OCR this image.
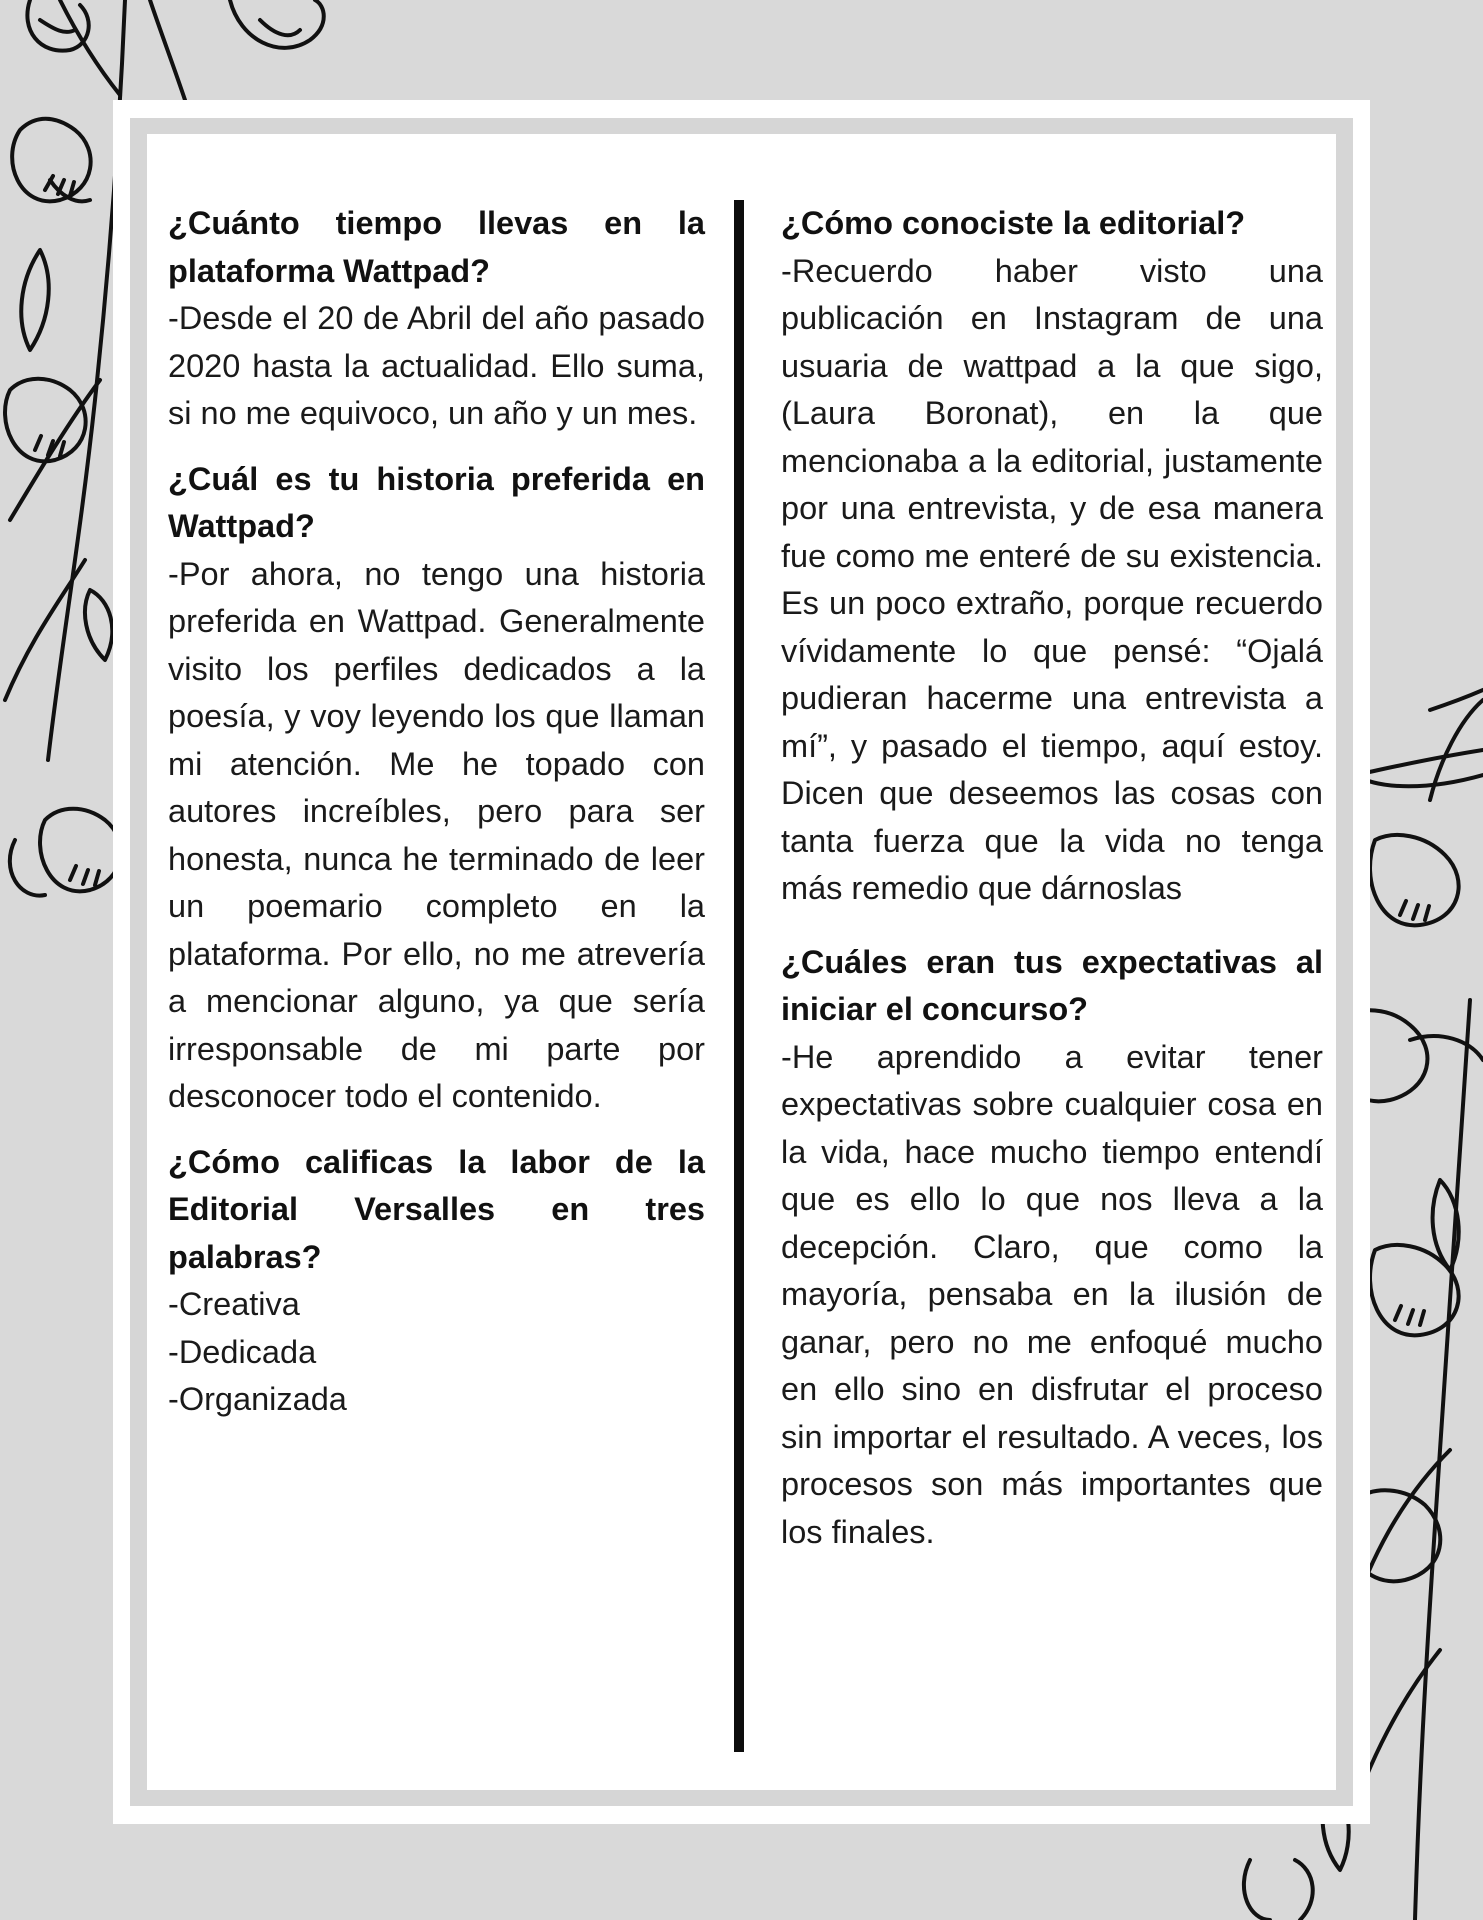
¿Cuánto tiempo llevas en la plataforma Wattpad?

-Desde el 20 de Abril del año pasado 2020 hasta la actualidad. Ello suma, si no me equivoco, un año y un mes.

¿Cuál es tu historia preferida en Wattpad?

-Por ahora, no tengo una historia preferida en Wattpad. Generalmente visito los perfiles dedicados a la poesía, y voy leyendo los que llaman mi atención. Me he topado con autores increíbles, pero para ser honesta, nunca he terminado de leer un poemario completo en la plataforma. Por ello, no me atrevería a mencionar alguno, ya que sería irresponsable de mi parte por desconocer todo el contenido.

¿Cómo calificas la labor de la Editorial Versalles en tres palabras?

-Creativa

-Dedicada

-Organizada

¿Cómo conociste la editorial?

-Recuerdo haber visto una publicación en Instagram de una usuaria de wattpad a la que sigo, (Laura Boronat), en la que mencionaba a la editorial, justamente por una entrevista, y de esa manera fue como me enteré de su existencia. Es un poco extraño, porque recuerdo vívidamente lo que pensé: “Ojalá pudieran hacerme una entrevista a mí”, y pasado el tiempo, aquí estoy. Dicen que deseemos las cosas con tanta fuerza que la vida no tenga más remedio que dárnoslas

¿Cuáles eran tus expectativas al iniciar el concurso?

-He aprendido a evitar tener expectativas sobre cualquier cosa en la vida, hace mucho tiempo entendí que es ello lo que nos lleva a la decepción. Claro, que como la mayoría, pensaba en la ilusión de ganar, pero no me enfoqué mucho en ello sino en disfrutar el proceso sin importar el resultado. A veces, los procesos son más importantes que los finales.
